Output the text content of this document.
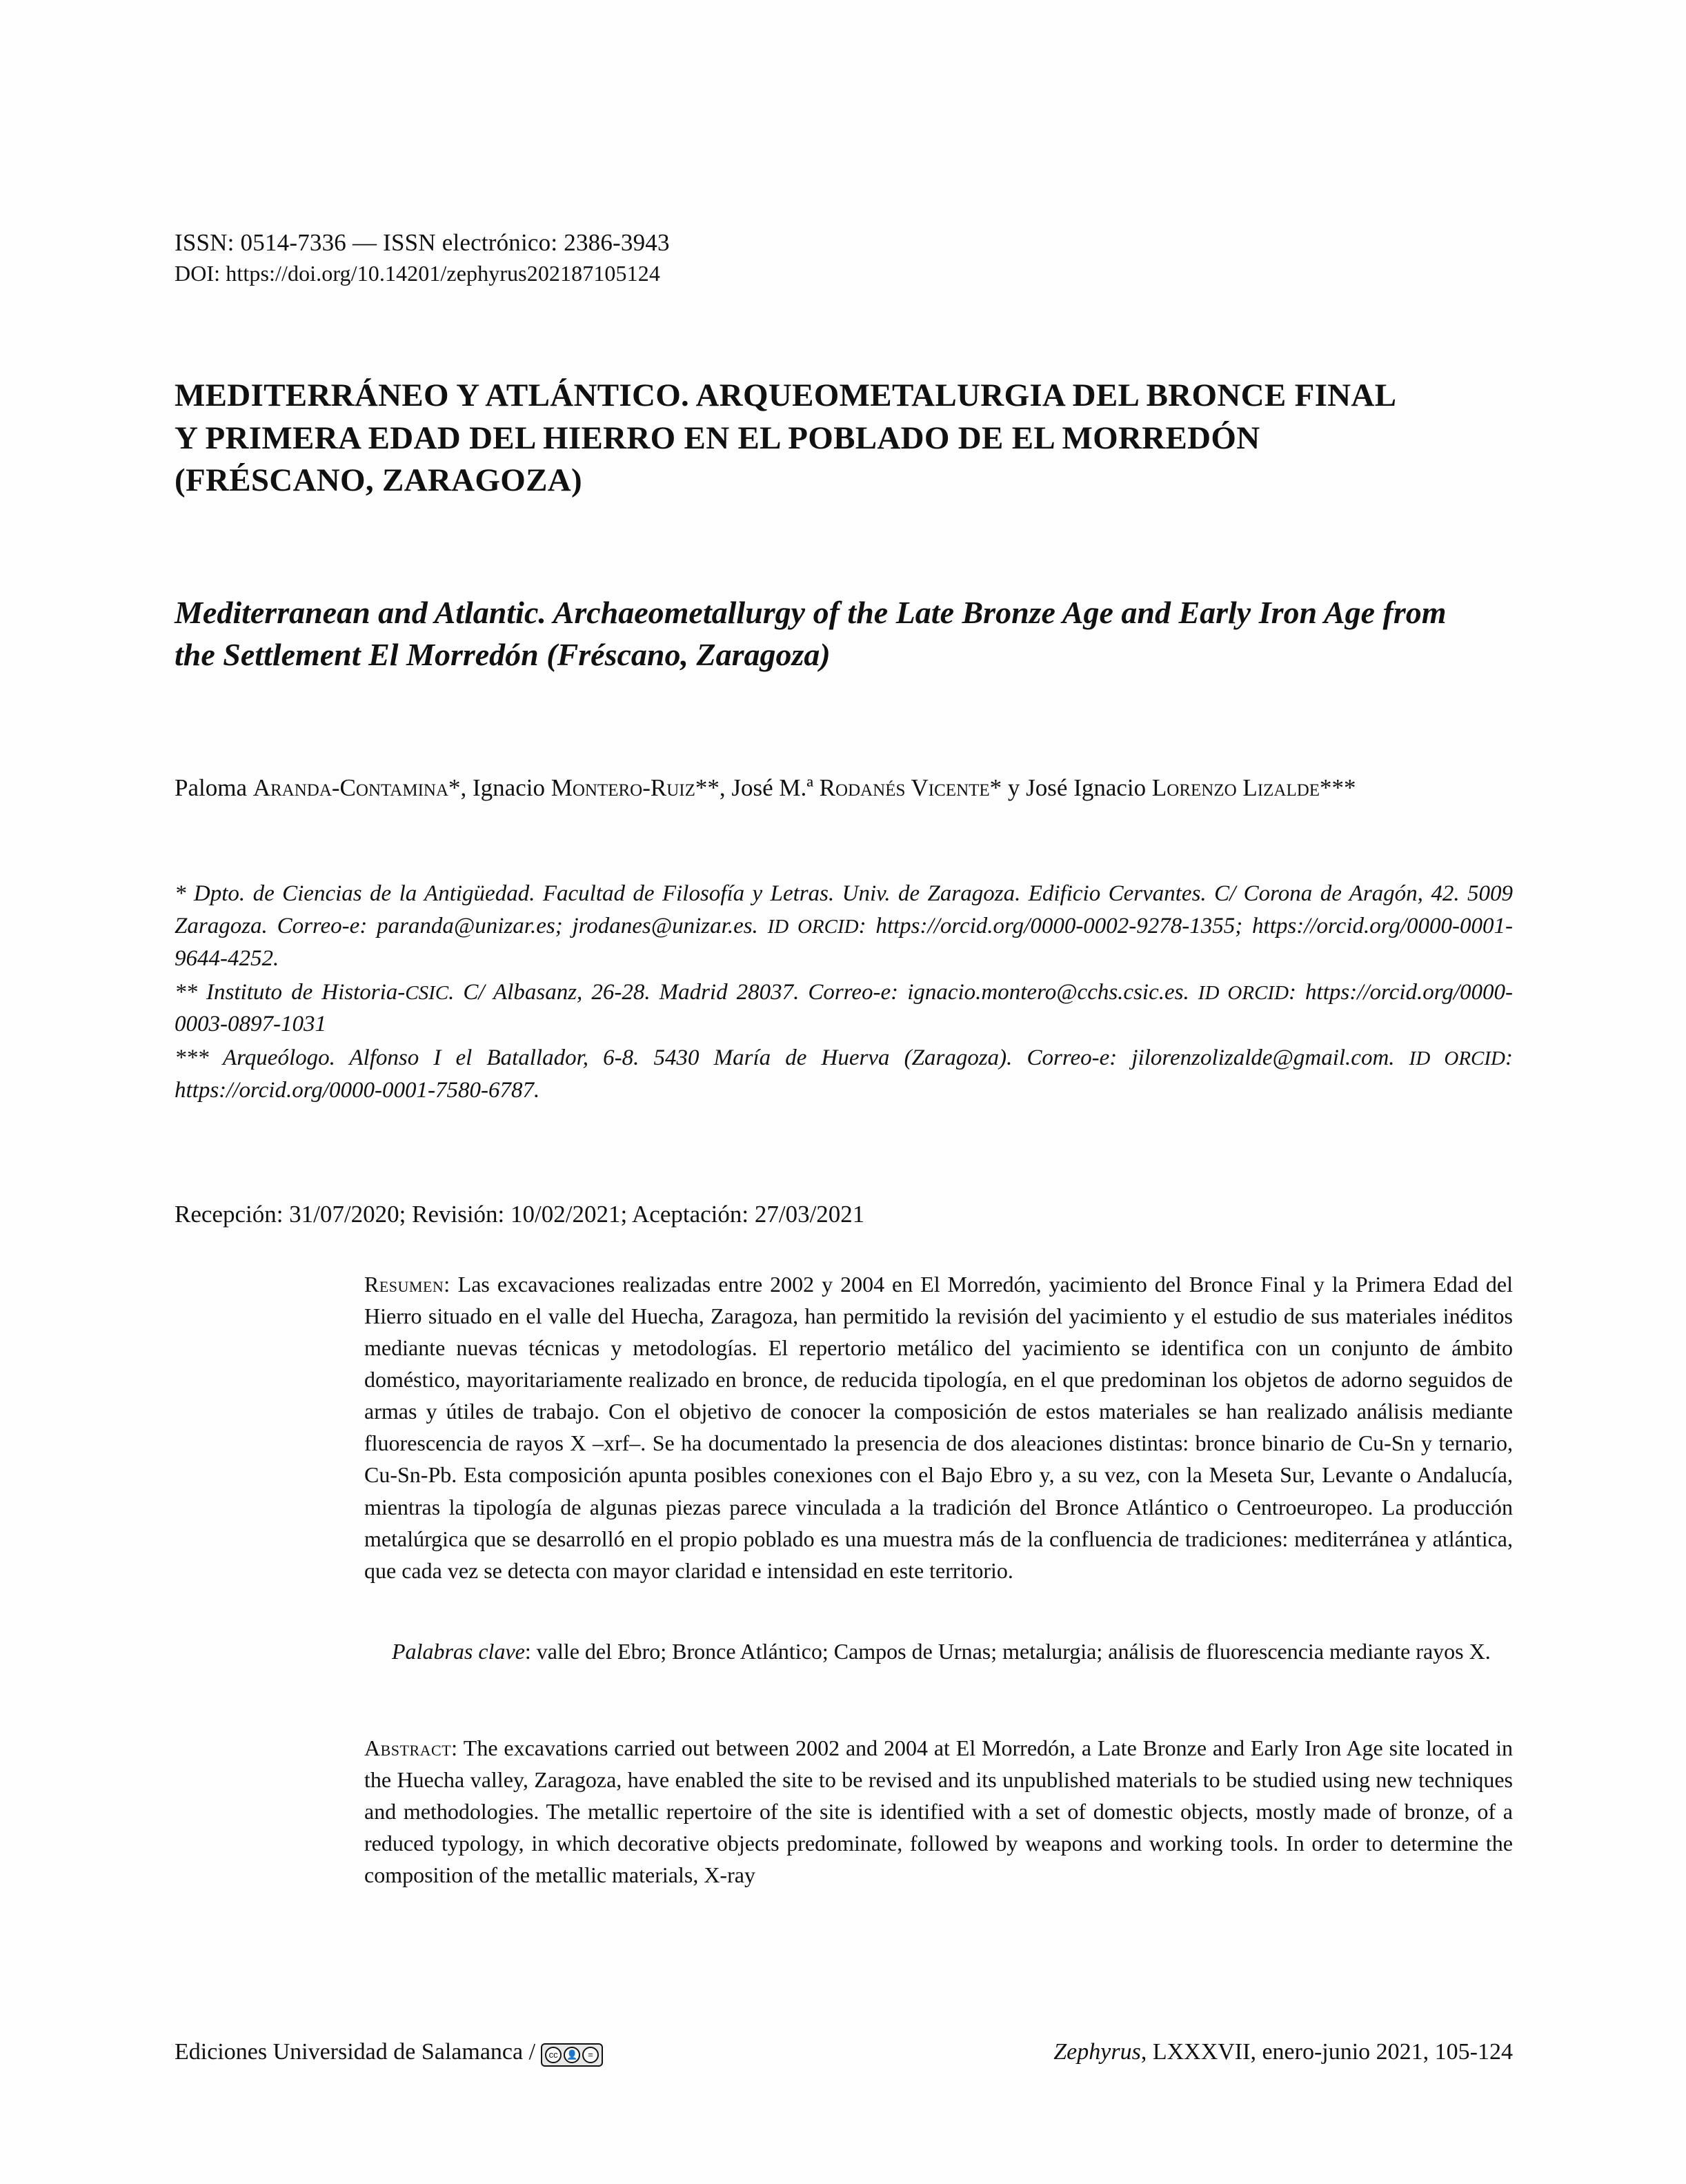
ISSN: 0514-7336 — ISSN electrónico: 2386-3943
DOI: https://doi.org/10.14201/zephyrus202187105124
MEDITERRÁNEO Y ATLÁNTICO. ARQUEOMETALURGIA DEL BRONCE FINAL Y PRIMERA EDAD DEL HIERRO EN EL POBLADO DE EL MORREDÓN (FRÉSCANO, ZARAGOZA)
Mediterranean and Atlantic. Archaeometallurgy of the Late Bronze Age and Early Iron Age from the Settlement El Morredón (Fréscano, Zaragoza)
Paloma Aranda-Contamina*, Ignacio Montero-Ruiz**, José M.ª Rodanés Vicente* y José Ignacio Lorenzo Lizalde***

* Dpto. de Ciencias de la Antigüedad. Facultad de Filosofía y Letras. Univ. de Zaragoza. Edificio Cervantes. C/ Corona de Aragón, 42. 5009 Zaragoza. Correo-e: paranda@unizar.es; jrodanes@unizar.es. ID ORCID: https://orcid.org/0000-0002-9278-1355; https://orcid.org/0000-0001-9644-4252.

** Instituto de Historia-CSIC. C/ Albasanz, 26-28. Madrid 28037. Correo-e: ignacio.montero@cchs.csic.es. ID ORCID: https://orcid.org/0000-0003-0897-1031

*** Arqueólogo. Alfonso I el Batallador, 6-8. 5430 María de Huerva (Zaragoza). Correo-e: jilorenzolizalde@gmail.com. ID ORCID: https://orcid.org/0000-0001-7580-6787.

Recepción: 31/07/2020; Revisión: 10/02/2021; Aceptación: 27/03/2021
Resumen: Las excavaciones realizadas entre 2002 y 2004 en El Morredón, yacimiento del Bronce Final y la Primera Edad del Hierro situado en el valle del Huecha, Zaragoza, han permitido la revisión del yacimiento y el estudio de sus materiales inéditos mediante nuevas técnicas y metodologías. El repertorio metálico del yacimiento se identifica con un conjunto de ámbito doméstico, mayoritariamente realizado en bronce, de reducida tipología, en el que predominan los objetos de adorno seguidos de armas y útiles de trabajo. Con el objetivo de conocer la composición de estos materiales se han realizado análisis mediante fluorescencia de rayos X –xrf–. Se ha documentado la presencia de dos aleaciones distintas: bronce binario de Cu-Sn y ternario, Cu-Sn-Pb. Esta composición apunta posibles conexiones con el Bajo Ebro y, a su vez, con la Meseta Sur, Levante o Andalucía, mientras la tipología de algunas piezas parece vinculada a la tradición del Bronce Atlántico o Centroeuropeo. La producción metalúrgica que se desarrolló en el propio poblado es una muestra más de la confluencia de tradiciones: mediterránea y atlántica, que cada vez se detecta con mayor claridad e intensidad en este territorio.
Palabras clave: valle del Ebro; Bronce Atlántico; Campos de Urnas; metalurgia; análisis de fluorescencia mediante rayos X.
Abstract: The excavations carried out between 2002 and 2004 at El Morredón, a Late Bronze and Early Iron Age site located in the Huecha valley, Zaragoza, have enabled the site to be revised and its unpublished materials to be studied using new techniques and methodologies. The metallic repertoire of the site is identified with a set of domestic objects, mostly made of bronze, of a reduced typology, in which decorative objects predominate, followed by weapons and working tools. In order to determine the composition of the metallic materials, X-ray
Ediciones Universidad de Salamanca /	cc 👤	=	Zephyrus, LXXXVII, enero-junio 2021, 105-124
